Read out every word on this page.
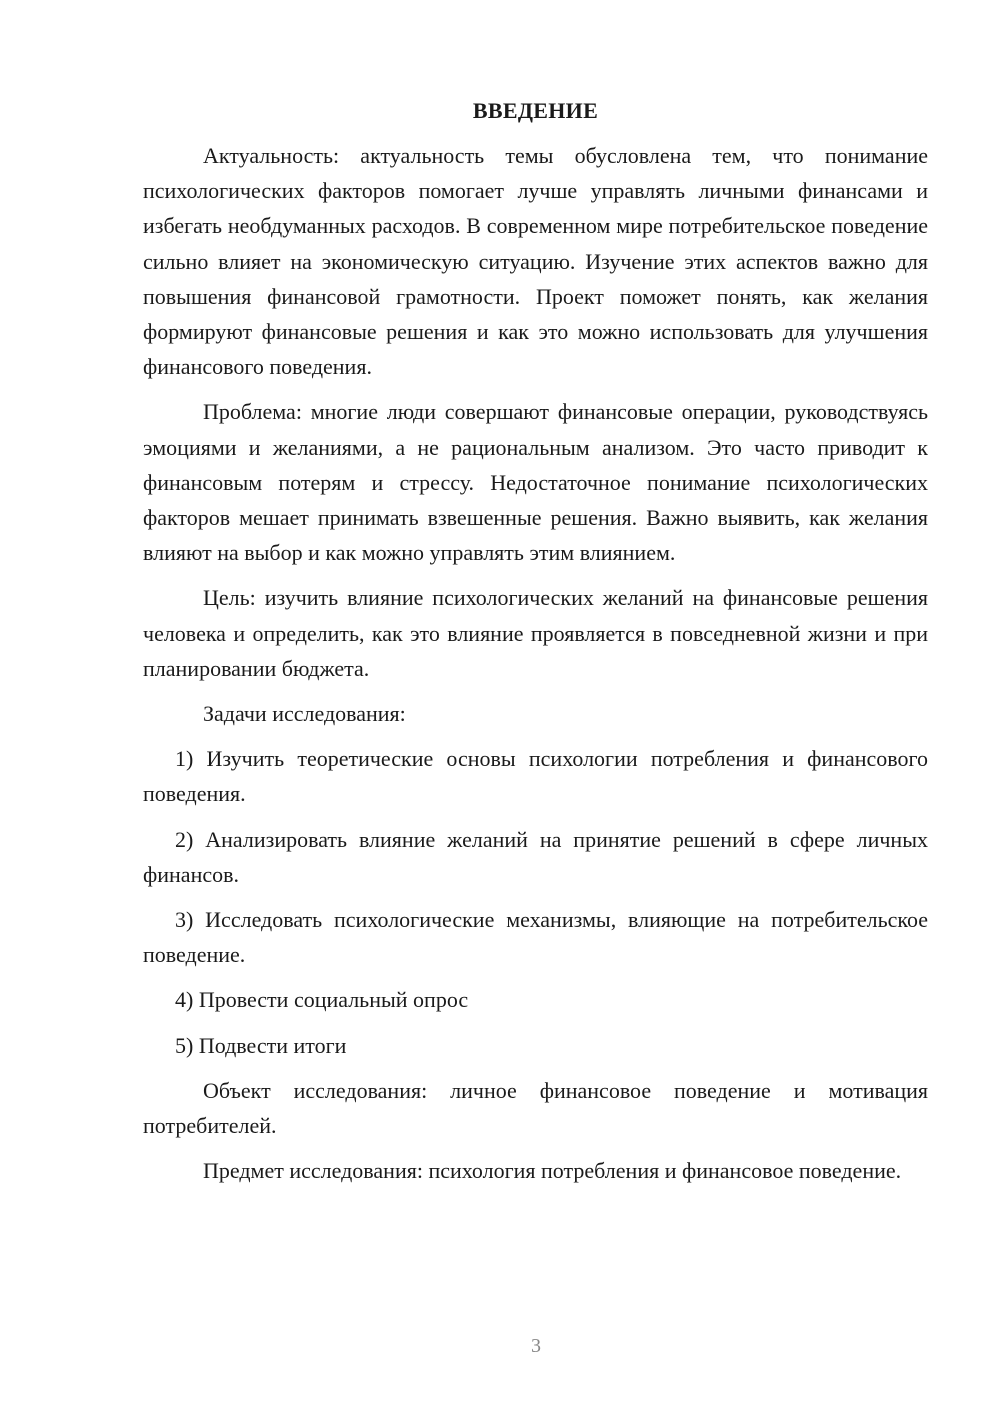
ВВЕДЕНИЕ

Актуальность: актуальность темы обусловлена тем, что понимание психологических факторов помогает лучше управлять личными финансами и избегать необдуманных расходов. В современном мире потребительское поведение сильно влияет на экономическую ситуацию. Изучение этих аспектов важно для повышения финансовой грамотности. Проект поможет понять, как желания формируют финансовые решения и как это можно использовать для улучшения финансового поведения.

Проблема: многие люди совершают финансовые операции, руководствуясь эмоциями и желаниями, а не рациональным анализом. Это часто приводит к финансовым потерям и стрессу. Недостаточное понимание психологических факторов мешает принимать взвешенные решения. Важно выявить, как желания влияют на выбор и как можно управлять этим влиянием.

Цель: изучить влияние психологических желаний на финансовые решения человека и определить, как это влияние проявляется в повседневной жизни и при планировании бюджета.

Задачи исследования:

1) Изучить теоретические основы психологии потребления и финансового поведения.

2) Анализировать влияние желаний на принятие решений в сфере личных финансов.

3) Исследовать психологические механизмы, влияющие на потребительское поведение.

4) Провести социальный опрос

5) Подвести итоги

Объект исследования: личное финансовое поведение и мотивация потребителей.

Предмет исследования: психология потребления и финансовое поведение.

3
